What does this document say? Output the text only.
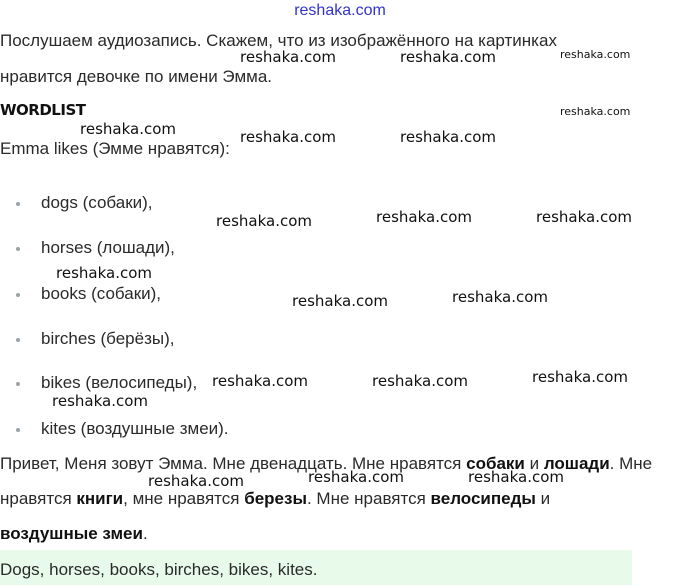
reshaka.com
Послушаем аудиозапись. Скажем, что из изображённого на картинках
нравится девочке по имени Эмма.
WORDLIST
Emma likes (Эмме нравятся):
dogs (собаки),
horses (лошади),
books (собаки),
birches (берёзы),
bikes (велосипеды),
kites (воздушные змеи).
Привет, Меня зовут Эмма. Мне двенадцать. Мне нравятся собаки и лошади. Мне
нравятся книги, мне нравятся березы. Мне нравятся велосипеды и
воздушные змеи.
Dogs, horses, books, birches, bikes, kites.
reshaka.com	reshaka.com	reshaka.com
reshaka.com
reshaka.com	reshaka.com	reshaka.com
reshaka.com	reshaka.com	reshaka.com
reshaka.com
reshaka.com	reshaka.com
reshaka.com	reshaka.com	reshaka.com
reshaka.com
reshaka.com	reshaka.com	reshaka.com
